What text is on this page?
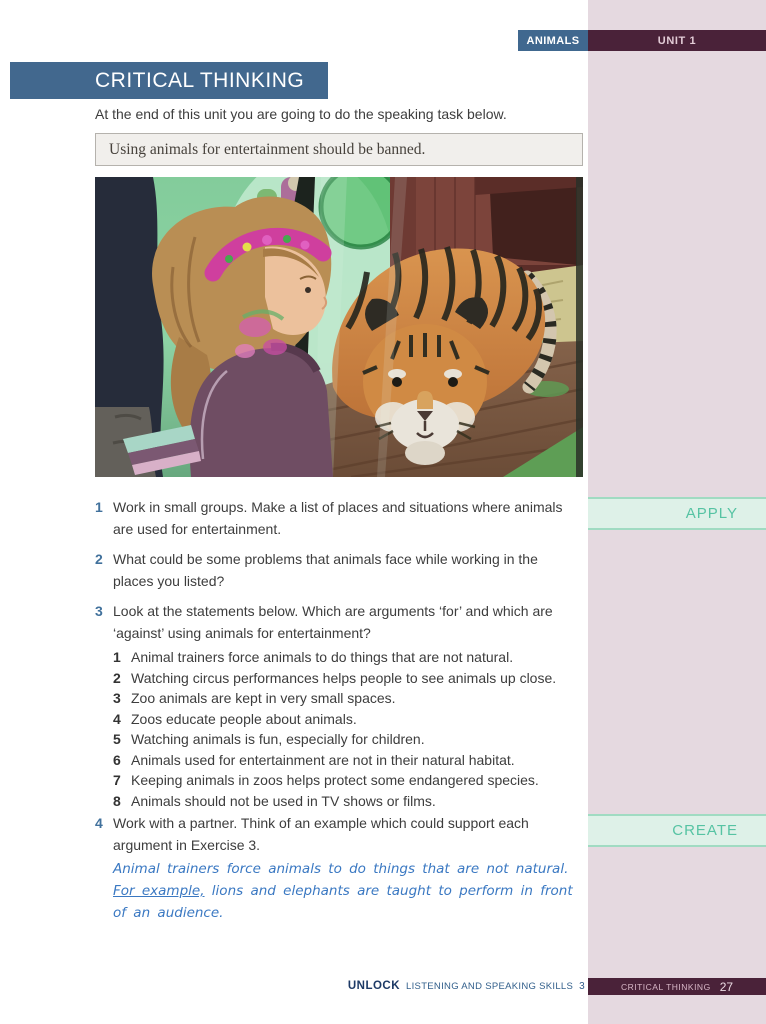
ANIMALS	UNIT 1
CRITICAL THINKING
At the end of this unit you are going to do the speaking task below.
Using animals for entertainment should be banned.
1 Work in small groups. Make a list of places and situations where animals are used for entertainment.
2 What could be some problems that animals face while working in the places you listed?
3 Look at the statements below. Which are arguments ‘for’ and which are ‘against’ using animals for entertainment?
1 Animal trainers force animals to do things that are not natural.
2 Watching circus performances helps people to see animals up close.
3 Zoo animals are kept in very small spaces.
4 Zoos educate people about animals.
5 Watching animals is fun, especially for children.
6 Animals used for entertainment are not in their natural habitat.
7 Keeping animals in zoos helps protect some endangered species.
8 Animals should not be used in TV shows or films.
4 Work with a partner. Think of an example which could support each argument in Exercise 3.
Animal trainers force animals to do things that are not natural.
For example, lions and elephants are taught to perform in front
of an audience.
APPLY
CREATE
UNLOCK LISTENING AND SPEAKING SKILLS 3	CRITICAL THINKING 27
